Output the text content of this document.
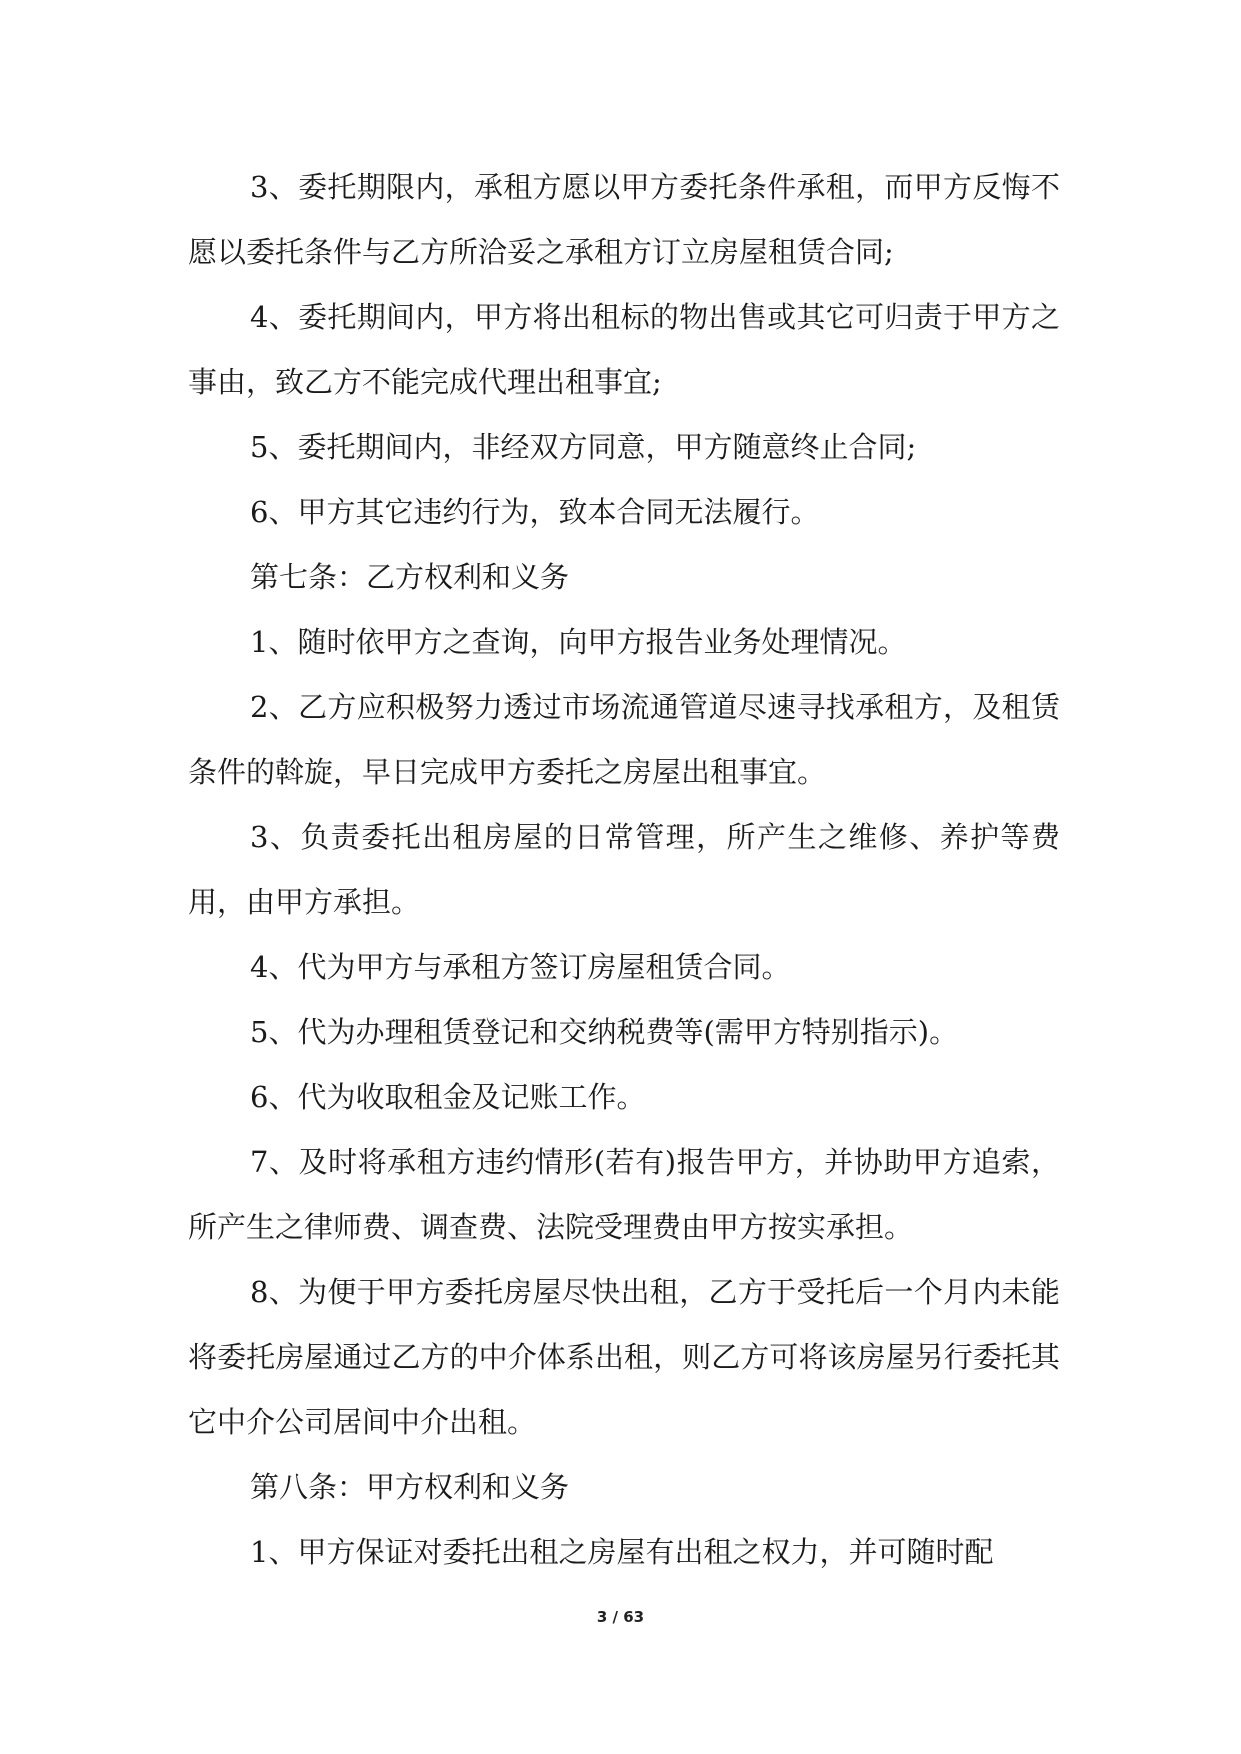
3、委托期限内，承租方愿以甲方委托条件承租，而甲方反悔不愿以委托条件与乙方所洽妥之承租方订立房屋租赁合同;

4、委托期间内，甲方将出租标的物出售或其它可归责于甲方之事由，致乙方不能完成代理出租事宜;

5、委托期间内，非经双方同意，甲方随意终止合同;

6、甲方其它违约行为，致本合同无法履行。

第七条：乙方权利和义务

1、随时依甲方之查询，向甲方报告业务处理情况。

2、乙方应积极努力透过市场流通管道尽速寻找承租方，及租赁条件的斡旋，早日完成甲方委托之房屋出租事宜。

3、负责委托出租房屋的日常管理，所产生之维修、养护等费用，由甲方承担。

4、代为甲方与承租方签订房屋租赁合同。

5、代为办理租赁登记和交纳税费等(需甲方特别指示)。

6、代为收取租金及记账工作。

7、及时将承租方违约情形(若有)报告甲方，并协助甲方追索，所产生之律师费、调查费、法院受理费由甲方按实承担。

8、为便于甲方委托房屋尽快出租，乙方于受托后一个月内未能将委托房屋通过乙方的中介体系出租，则乙方可将该房屋另行委托其它中介公司居间中介出租。

第八条：甲方权利和义务

1、甲方保证对委托出租之房屋有出租之权力，并可随时配

3 / 63
